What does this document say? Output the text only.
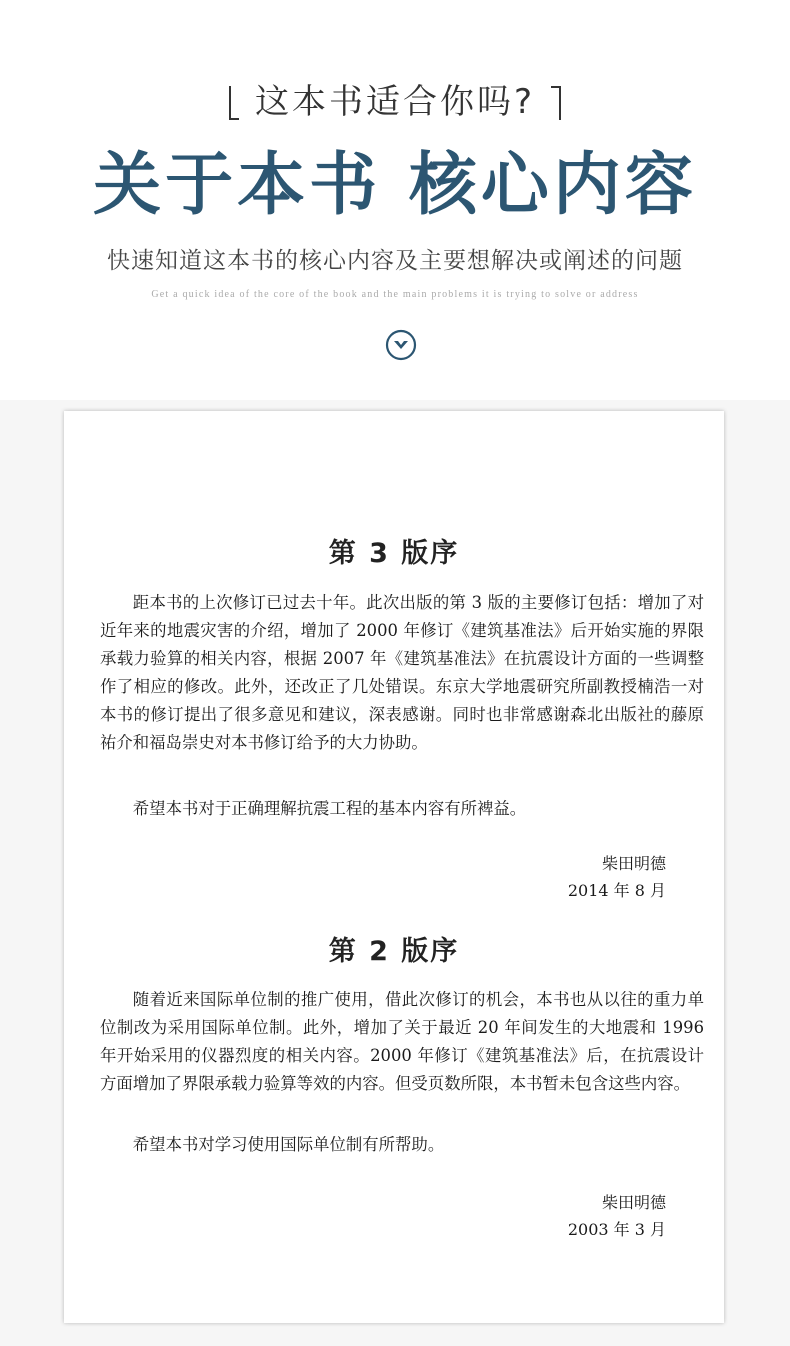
这本书适合你吗?
关于本书 核心内容
快速知道这本书的核心内容及主要想解决或阐述的问题
Get a quick idea of the core of the book and the main problems it is trying to solve or address
第 3 版序

距本书的上次修订已过去十年。此次出版的第 3 版的主要修订包括：增加了对近年来的地震灾害的介绍，增加了 2000 年修订《建筑基准法》后开始实施的界限承载力验算的相关内容，根据 2007 年《建筑基准法》在抗震设计方面的一些调整作了相应的修改。此外，还改正了几处错误。东京大学地震研究所副教授楠浩一对本书的修订提出了很多意见和建议，深表感谢。同时也非常感谢森北出版社的藤原祐介和福岛崇史对本书修订给予的大力协助。

希望本书对于正确理解抗震工程的基本内容有所裨益。

柴田明德
2014 年 8 月
第 2 版序

随着近来国际单位制的推广使用，借此次修订的机会，本书也从以往的重力单位制改为采用国际单位制。此外，增加了关于最近 20 年间发生的大地震和 1996 年开始采用的仪器烈度的相关内容。2000 年修订《建筑基准法》后，在抗震设计方面增加了界限承载力验算等效的内容。但受页数所限，本书暂未包含这些内容。

希望本书对学习使用国际单位制有所帮助。

柴田明德
2003 年 3 月
